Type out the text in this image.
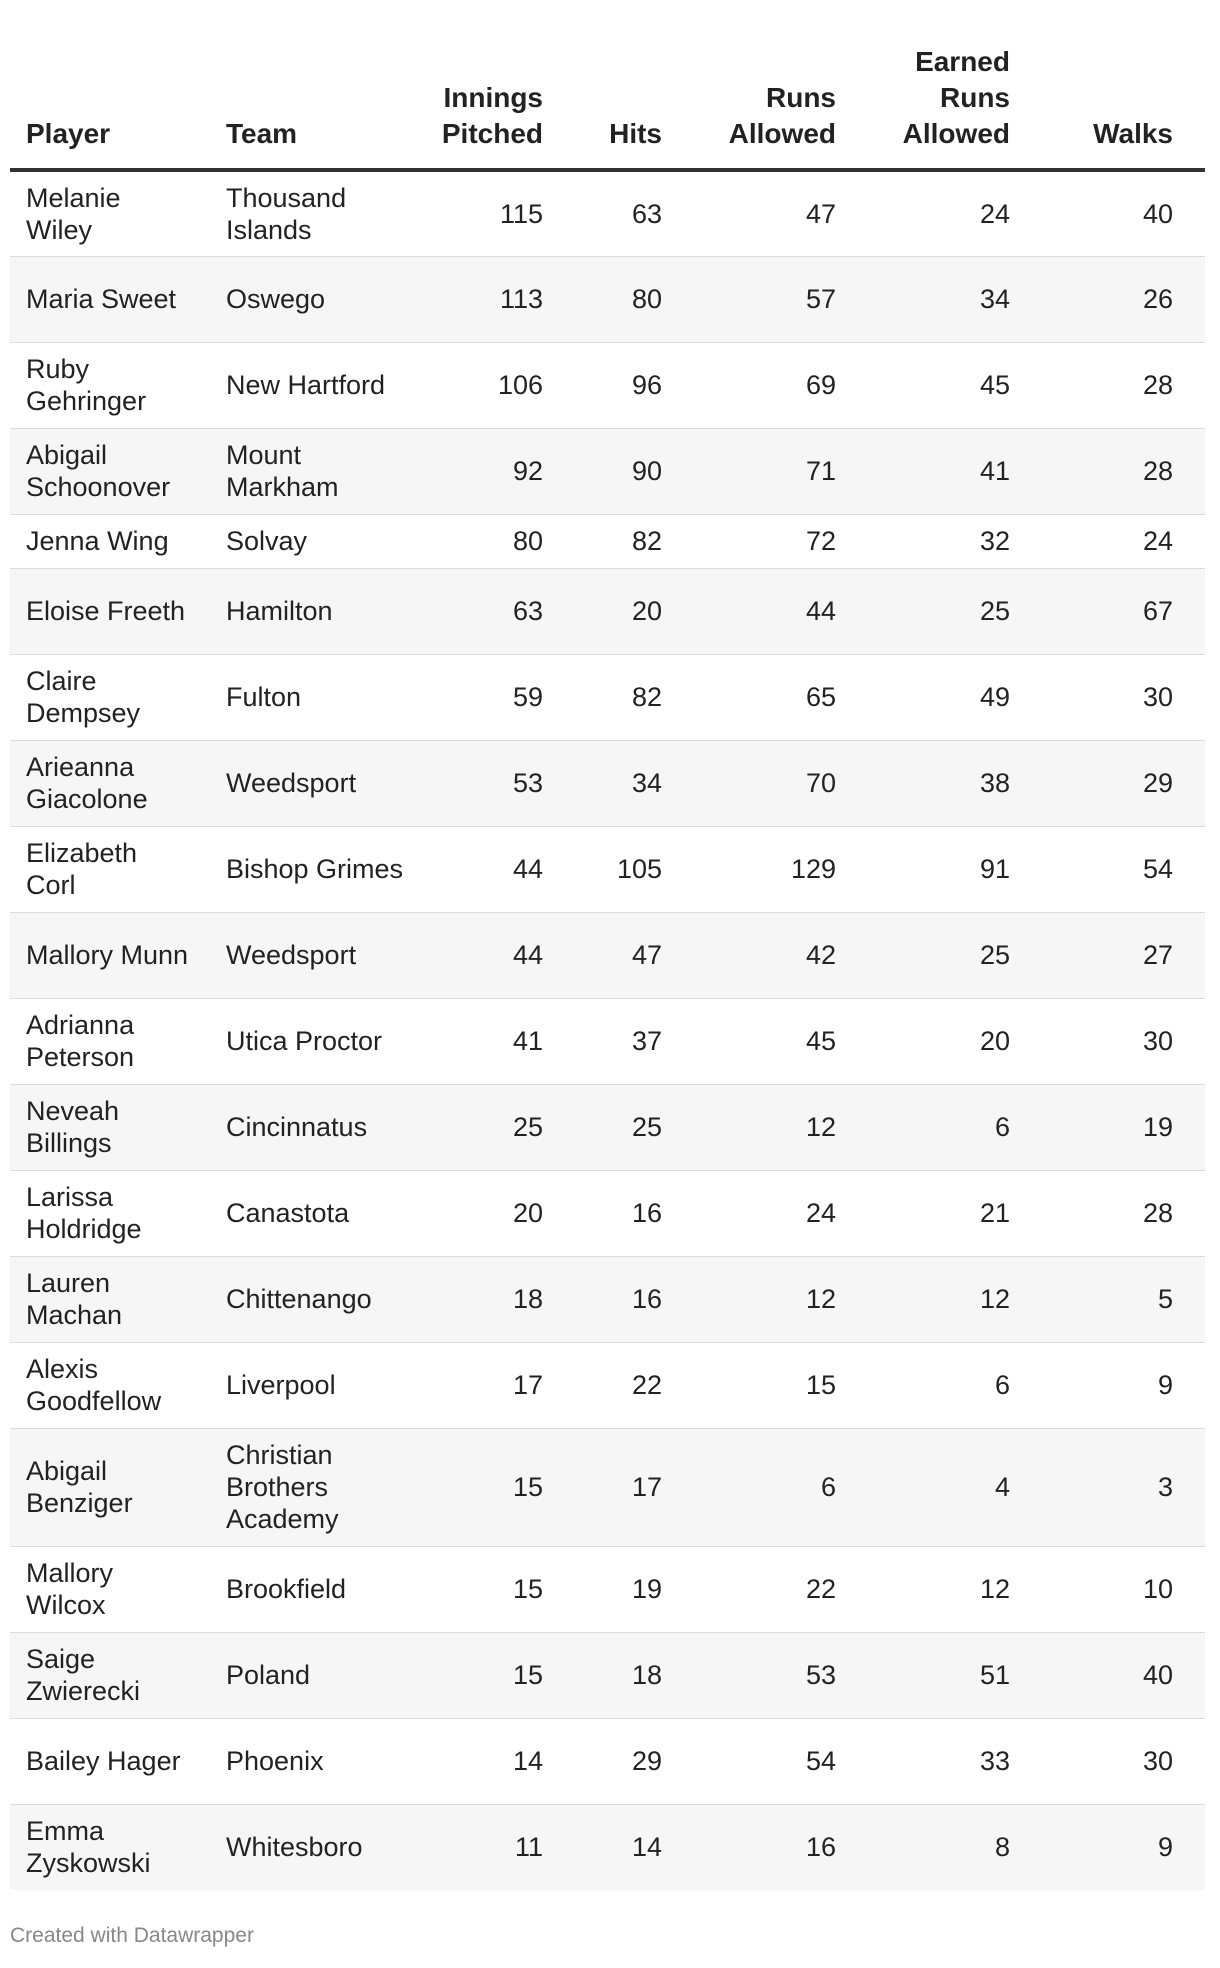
Player	Team	Innings Pitched	Hits	Runs Allowed	Earned Runs Allowed	Walks
Melanie Wiley	Thousand Islands	115	63	47	24	40
Maria Sweet	Oswego	113	80	57	34	26
Ruby Gehringer	New Hartford	106	96	69	45	28
Abigail Schoonover	Mount Markham	92	90	71	41	28
Jenna Wing	Solvay	80	82	72	32	24
Eloise Freeth	Hamilton	63	20	44	25	67
Claire Dempsey	Fulton	59	82	65	49	30
Arieanna Giacolone	Weedsport	53	34	70	38	29
Elizabeth Corl	Bishop Grimes	44	105	129	91	54
Mallory Munn	Weedsport	44	47	42	25	27
Adrianna Peterson	Utica Proctor	41	37	45	20	30
Neveah Billings	Cincinnatus	25	25	12	6	19
Larissa Holdridge	Canastota	20	16	24	21	28
Lauren Machan	Chittenango	18	16	12	12	5
Alexis Goodfellow	Liverpool	17	22	15	6	9
Abigail Benziger	Christian Brothers Academy	15	17	6	4	3
Mallory Wilcox	Brookfield	15	19	22	12	10
Saige Zwierecki	Poland	15	18	53	51	40
Bailey Hager	Phoenix	14	29	54	33	30
Emma Zyskowski	Whitesboro	11	14	16	8	9
Created with Datawrapper
